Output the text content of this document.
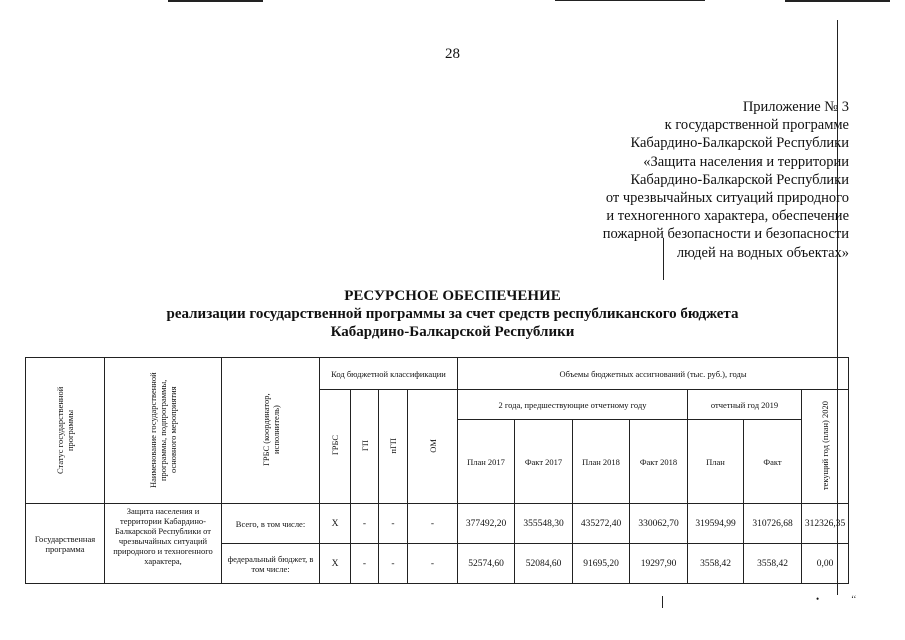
28
Приложение № 3
к государственной программе
Кабардино-Балкарской Республики
«Защита населения и территории
Кабардино-Балкарской Республики
от чрезвычайных ситуаций природного
и техногенного характера, обеспечение
пожарной безопасности и безопасности
людей на водных объектах»
РЕСУРСНОЕ ОБЕСПЕЧЕНИЕ
реализации государственной программы за счет средств республиканского бюджета
Кабардино-Балкарской Республики
Статус государственной программы	Наименование государственной программы, подпрограммы, основного мероприятия	ГРБС (координатор, исполнитель)	Код бюджетной классификации				Объемы бюджетных ассигнований (тыс. руб.), годы						
			ГРБС	ГП	пГП	ОМ	2 года, предшествующие отчетному году				отчетный год 2019		текущий год (план) 2020
							План 2017	Факт 2017	План 2018	Факт 2018	План	Факт	
Государственная программа	Защита населения и территории Кабардино-Балкарской Республики от чрезвычайных ситуаций природного и техногенного характера,	Всего, в том числе:	X	-	-	-	377492,20	355548,30	435272,40	330062,70	319594,99	310726,68	312326,35
		федеральный бюджет, в том числе:	X	-	-	-	52574,60	52084,60	91695,20	19297,90	3558,42	3558,42	0,00
•	‘‘
